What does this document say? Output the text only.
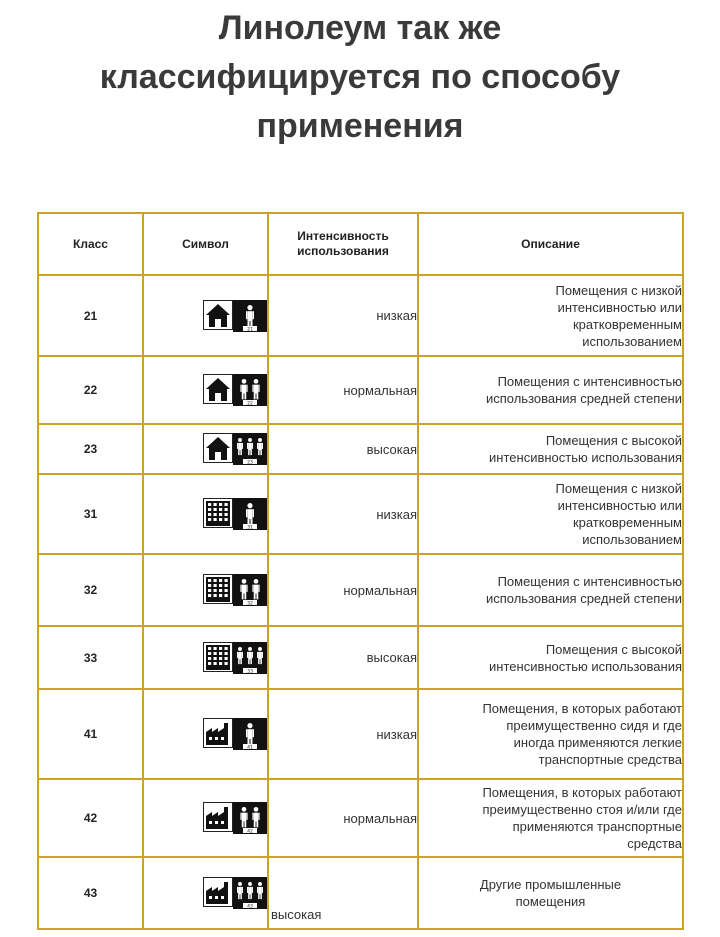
Линолеум так же
классифицируется по способу
применения
Класс	Символ	Интенсивность
использования	Описание
21	21	низкая	Помещения с низкой
интенсивностью или
кратковременным
использованием

22	22	нормальная	Помещения с интенсивностью
использования средней степени

23	23	высокая	Помещения с высокой
интенсивностью использования

31	31	низкая	Помещения с низкой
интенсивностью или
кратковременным
использованием

32	32	нормальная	Помещения с интенсивностью
использования средней степени

33	33	высокая	Помещения с высокой
интенсивностью использования

41	41	низкая	Помещения, в которых работают
преимущественно сидя и где
иногда применяются легкие
транспортные средства

42	42	нормальная	Помещения, в которых работают
преимущественно стоя и/или где
применяются транспортные
средства

43	43	высокая	Другие промышленные
помещения
